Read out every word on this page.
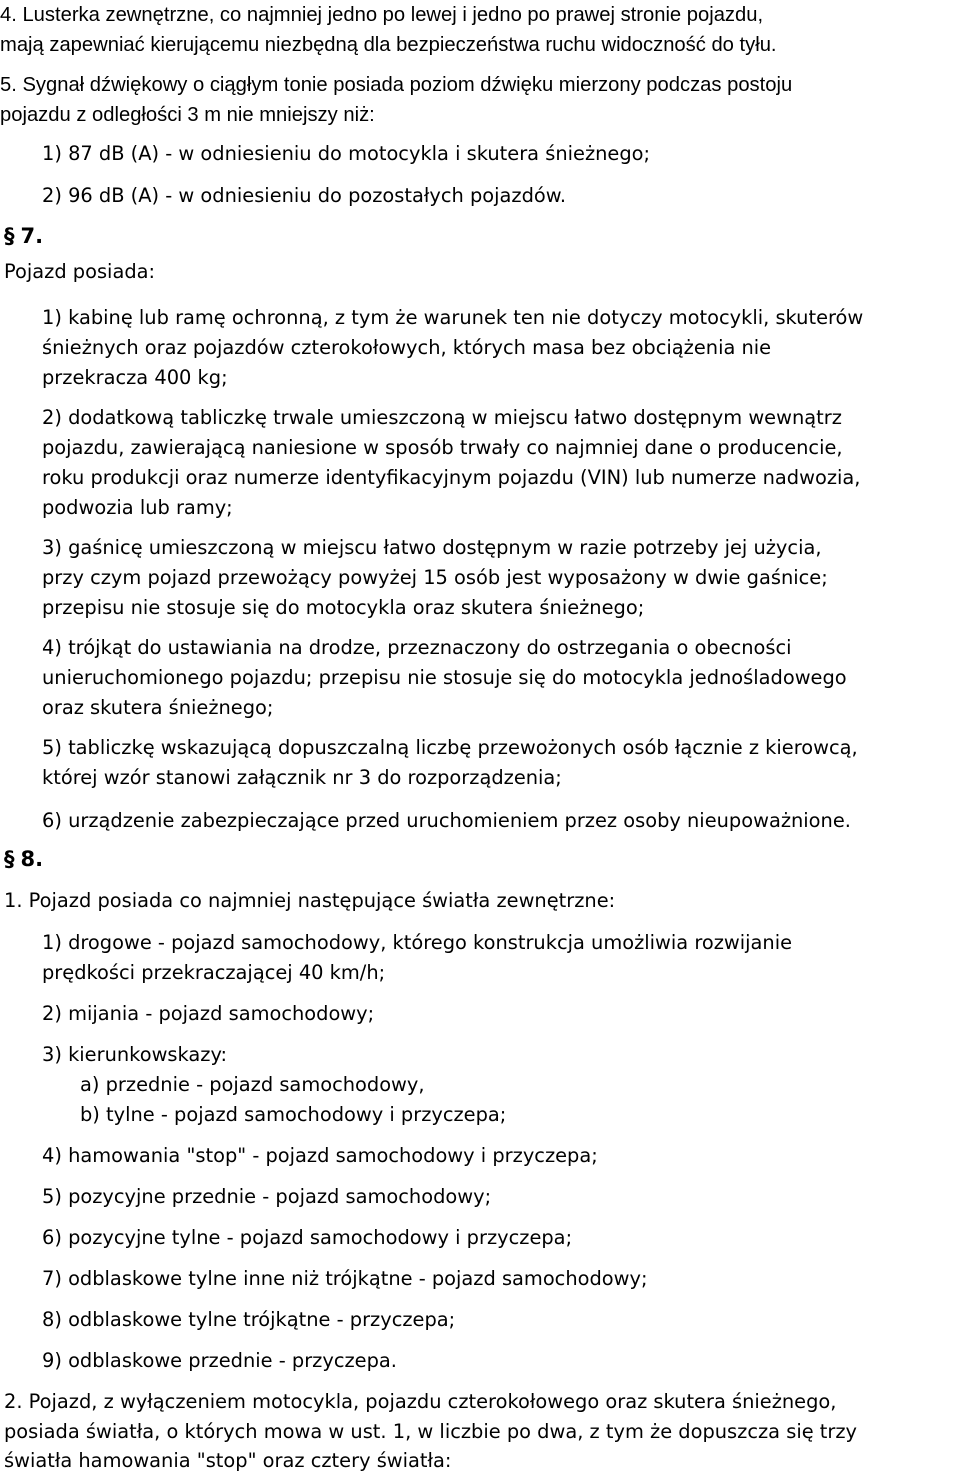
4. Lusterka zewnętrzne, co najmniej jedno po lewej i jedno po prawej stronie pojazdu,

mają zapewniać kierującemu niezbędną dla bezpieczeństwa ruchu widoczność do tyłu.

5. Sygnał dźwiękowy o ciągłym tonie posiada poziom dźwięku mierzony podczas postoju

pojazdu z odległości 3 m nie mniejszy niż:

1) 87 dB (A) - w odniesieniu do motocykla i skutera śnieżnego;

2) 96 dB (A) - w odniesieniu do pozostałych pojazdów.

§ 7.

Pojazd posiada:

1) kabinę lub ramę ochronną, z tym że warunek ten nie dotyczy motocykli, skuterów

śnieżnych oraz pojazdów czterokołowych, których masa bez obciążenia nie

przekracza 400 kg;

2) dodatkową tabliczkę trwale umieszczoną w miejscu łatwo dostępnym wewnątrz

pojazdu, zawierającą naniesione w sposób trwały co najmniej dane o producencie,

roku produkcji oraz numerze identyfikacyjnym pojazdu (VIN) lub numerze nadwozia,

podwozia lub ramy;

3) gaśnicę umieszczoną w miejscu łatwo dostępnym w razie potrzeby jej użycia,

przy czym pojazd przewożący powyżej 15 osób jest wyposażony w dwie gaśnice;

przepisu nie stosuje się do motocykla oraz skutera śnieżnego;

4) trójkąt do ustawiania na drodze, przeznaczony do ostrzegania o obecności

unieruchomionego pojazdu; przepisu nie stosuje się do motocykla jednośladowego

oraz skutera śnieżnego;

5) tabliczkę wskazującą dopuszczalną liczbę przewożonych osób łącznie z kierowcą,

której wzór stanowi załącznik nr 3 do rozporządzenia;

6) urządzenie zabezpieczające przed uruchomieniem przez osoby nieupoważnione.

§ 8.

1. Pojazd posiada co najmniej następujące światła zewnętrzne:

1) drogowe - pojazd samochodowy, którego konstrukcja umożliwia rozwijanie

prędkości przekraczającej 40 km/h;

2) mijania - pojazd samochodowy;

3) kierunkowskazy:

a) przednie - pojazd samochodowy,

b) tylne - pojazd samochodowy i przyczepa;

4) hamowania "stop" - pojazd samochodowy i przyczepa;

5) pozycyjne przednie - pojazd samochodowy;

6) pozycyjne tylne - pojazd samochodowy i przyczepa;

7) odblaskowe tylne inne niż trójkątne - pojazd samochodowy;

8) odblaskowe tylne trójkątne - przyczepa;

9) odblaskowe przednie - przyczepa.

2. Pojazd, z wyłączeniem motocykla, pojazdu czterokołowego oraz skutera śnieżnego,

posiada światła, o których mowa w ust. 1, w liczbie po dwa, z tym że dopuszcza się trzy

światła hamowania "stop" oraz cztery światła:
